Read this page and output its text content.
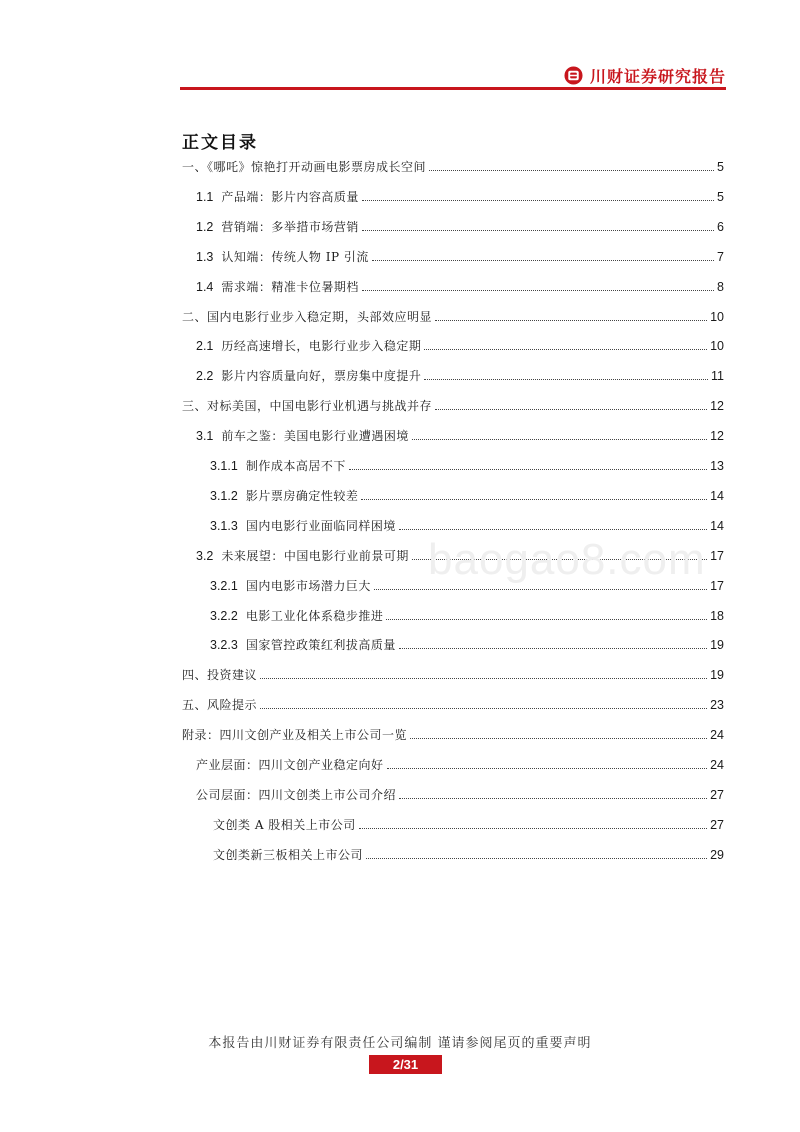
川财证券研究报告
正文目录
一、《哪吒》惊艳打开动画电影票房成长空间	5
1.1 产品端：影片内容高质量	5
1.2 营销端：多举措市场营销	6
1.3 认知端：传统人物 IP 引流	7
1.4 需求端：精准卡位暑期档	8
二、国内电影行业步入稳定期，头部效应明显	10
2.1 历经高速增长，电影行业步入稳定期	10
2.2 影片内容质量向好，票房集中度提升	11
三、对标美国，中国电影行业机遇与挑战并存	12
3.1 前车之鉴：美国电影行业遭遇困境	12
3.1.1 制作成本高居不下	13
3.1.2 影片票房确定性较差	14
3.1.3 国内电影行业面临同样困境	14
3.2 未来展望：中国电影行业前景可期	17
3.2.1 国内电影市场潜力巨大	17
3.2.2 电影工业化体系稳步推进	18
3.2.3 国家管控政策红利拔高质量	19
四、投资建议	19
五、风险提示	23
附录：四川文创产业及相关上市公司一览	24
产业层面：四川文创产业稳定向好	24
公司层面：四川文创类上市公司介绍	27
文创类 A 股相关上市公司	27
文创类新三板相关上市公司	29
baogao8.com
本报告由川财证券有限责任公司编制 谨请参阅尾页的重要声明
2/31
